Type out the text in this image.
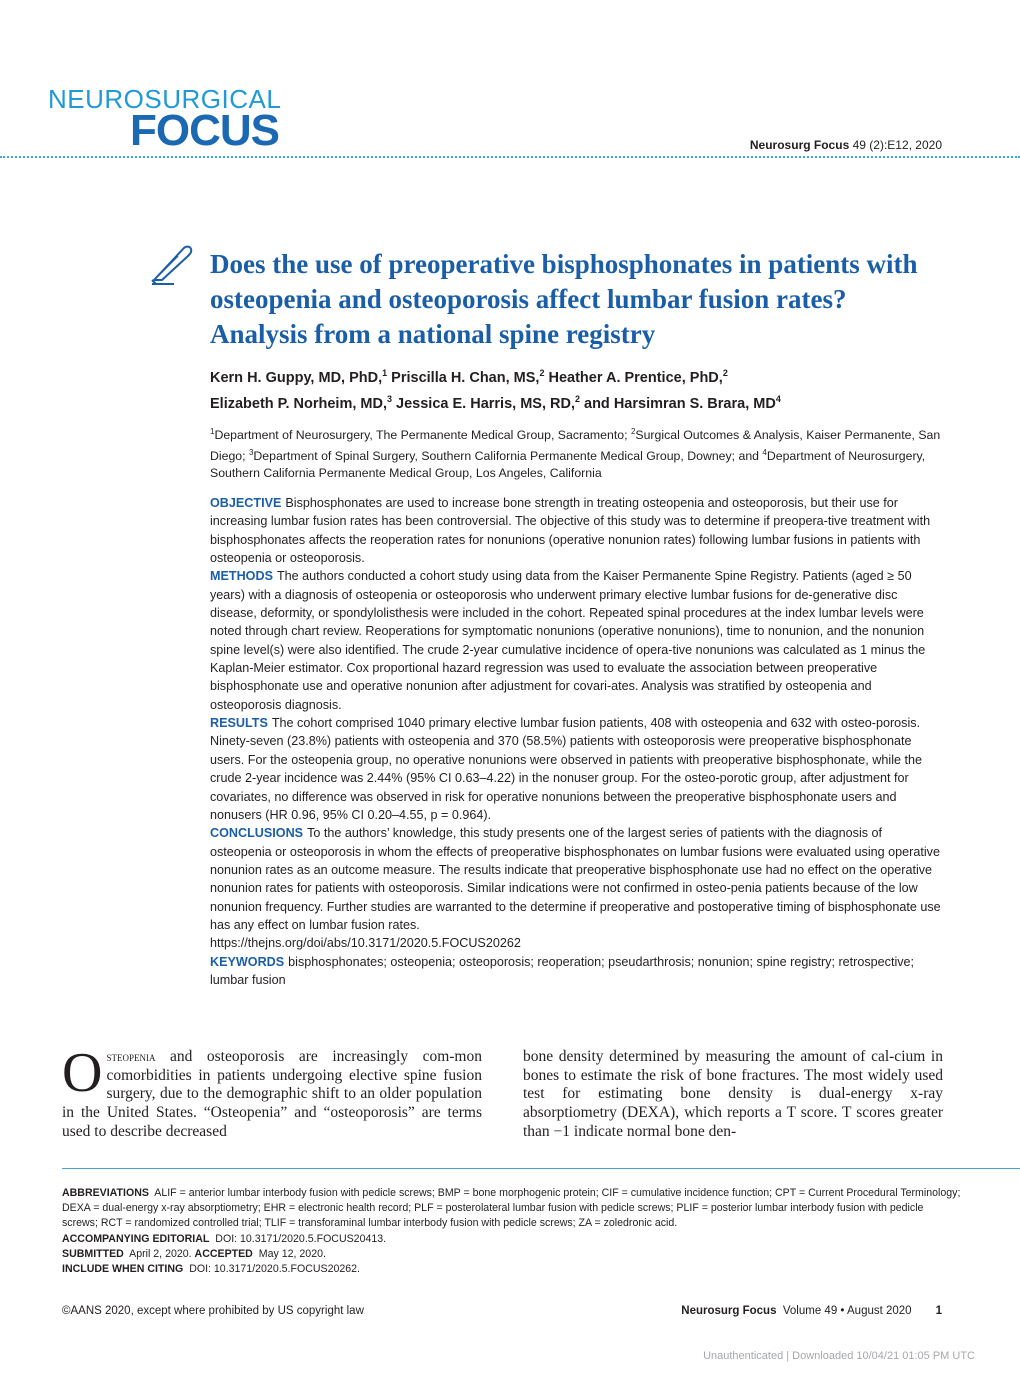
NEUROSURGICAL
FOCUS	Neurosurg Focus 49 (2):E12, 2020
Does the use of preoperative bisphosphonates in patients with osteopenia and osteoporosis affect lumbar fusion rates? Analysis from a national spine registry
Kern H. Guppy, MD, PhD,$^1$ Priscilla H. Chan, MS,$^2$ Heather A. Prentice, PhD,$^2$
Elizabeth P. Norheim, MD,$^3$ Jessica E. Harris, MS, RD,$^2$ and Harsimran S. Brara, $MD^4$
$^1$Department of Neurosurgery, The Permanente Medical Group, Sacramento; $^2$Surgical Outcomes & Analysis, Kaiser Permanente, San Diego; $^3$Department of Spinal Surgery, Southern California Permanente Medical Group, Downey; and $^4$Department of Neurosurgery, Southern California Permanente Medical Group, Los Angeles, California

OBJECTIVE Bisphosphonates are used to increase bone strength in treating osteopenia and osteoporosis, but their use for increasing lumbar fusion rates has been controversial. The objective of this study was to determine if preopera-tive treatment with bisphosphonates affects the reoperation rates for nonunions (operative nonunion rates) following lumbar fusions in patients with osteopenia or osteoporosis.

METHODS The authors conducted a cohort study using data from the Kaiser Permanente Spine Registry. Patients (aged ≥ 50 years) with a diagnosis of osteopenia or osteoporosis who underwent primary elective lumbar fusions for de-generative disc disease, deformity, or spondylolisthesis were included in the cohort. Repeated spinal procedures at the index lumbar levels were noted through chart review. Reoperations for symptomatic nonunions (operative nonunions), time to nonunion, and the nonunion spine level(s) were also identified. The crude 2-year cumulative incidence of opera-tive nonunions was calculated as 1 minus the Kaplan-Meier estimator. Cox proportional hazard regression was used to evaluate the association between preoperative bisphosphonate use and operative nonunion after adjustment for covari-ates. Analysis was stratified by osteopenia and osteoporosis diagnosis.

RESULTS The cohort comprised 1040 primary elective lumbar fusion patients, 408 with osteopenia and 632 with osteo-porosis. Ninety-seven (23.8%) patients with osteopenia and 370 (58.5%) patients with osteoporosis were preoperative bisphosphonate users. For the osteopenia group, no operative nonunions were observed in patients with preoperative bisphosphonate, while the crude 2-year incidence was 2.44% (95% CI 0.63–4.22) in the nonuser group. For the osteo-porotic group, after adjustment for covariates, no difference was observed in risk for operative nonunions between the preoperative bisphosphonate users and nonusers (HR 0.96, 95% CI 0.20–4.55, p = 0.964).

CONCLUSIONS To the authors’ knowledge, this study presents one of the largest series of patients with the diagnosis of osteopenia or osteoporosis in whom the effects of preoperative bisphosphonates on lumbar fusions were evaluated using operative nonunion rates as an outcome measure. The results indicate that preoperative bisphosphonate use had no effect on the operative nonunion rates for patients with osteoporosis. Similar indications were not confirmed in osteo-penia patients because of the low nonunion frequency. Further studies are warranted to the determine if preoperative and postoperative timing of bisphosphonate use has any effect on lumbar fusion rates.

https://thejns.org/doi/abs/10.3171/2020.5.FOCUS20262

KEYWORDS bisphosphonates; osteopenia; osteoporosis; reoperation; pseudarthrosis; nonunion; spine registry; retrospective; lumbar fusion

Osteopenia and osteoporosis are increasingly com-mon comorbidities in patients undergoing elective spine fusion surgery, due to the demographic shift to an older population in the United States. “Osteopenia” and “osteoporosis” are terms used to describe decreased
bone density determined by measuring the amount of cal-cium in bones to estimate the risk of bone fractures. The most widely used test for estimating bone density is dual-energy x-ray absorptiometry (DEXA), which reports a T score. T scores greater than −1 indicate normal bone den-

ABBREVIATIONS ALIF = anterior lumbar interbody fusion with pedicle screws; BMP = bone morphogenic protein; CIF = cumulative incidence function; CPT = Current Procedural Terminology; DEXA = dual-energy x-ray absorptiometry; EHR = electronic health record; PLF = posterolateral lumbar fusion with pedicle screws; PLIF = posterior lumbar interbody fusion with pedicle screws; RCT = randomized controlled trial; TLIF = transforaminal lumbar interbody fusion with pedicle screws; ZA = zoledronic acid.

ACCOMPANYING EDITORIAL DOI: 10.3171/2020.5.FOCUS20413.

SUBMITTED April 2, 2020. ACCEPTED May 12, 2020.

INCLUDE WHEN CITING DOI: 10.3171/2020.5.FOCUS20262.

©AANS 2020, except where prohibited by US copyright law	Neurosurg Focus Volume 49 • August 2020 1
Unauthenticated | Downloaded 10/04/21 01:05 PM UTC
